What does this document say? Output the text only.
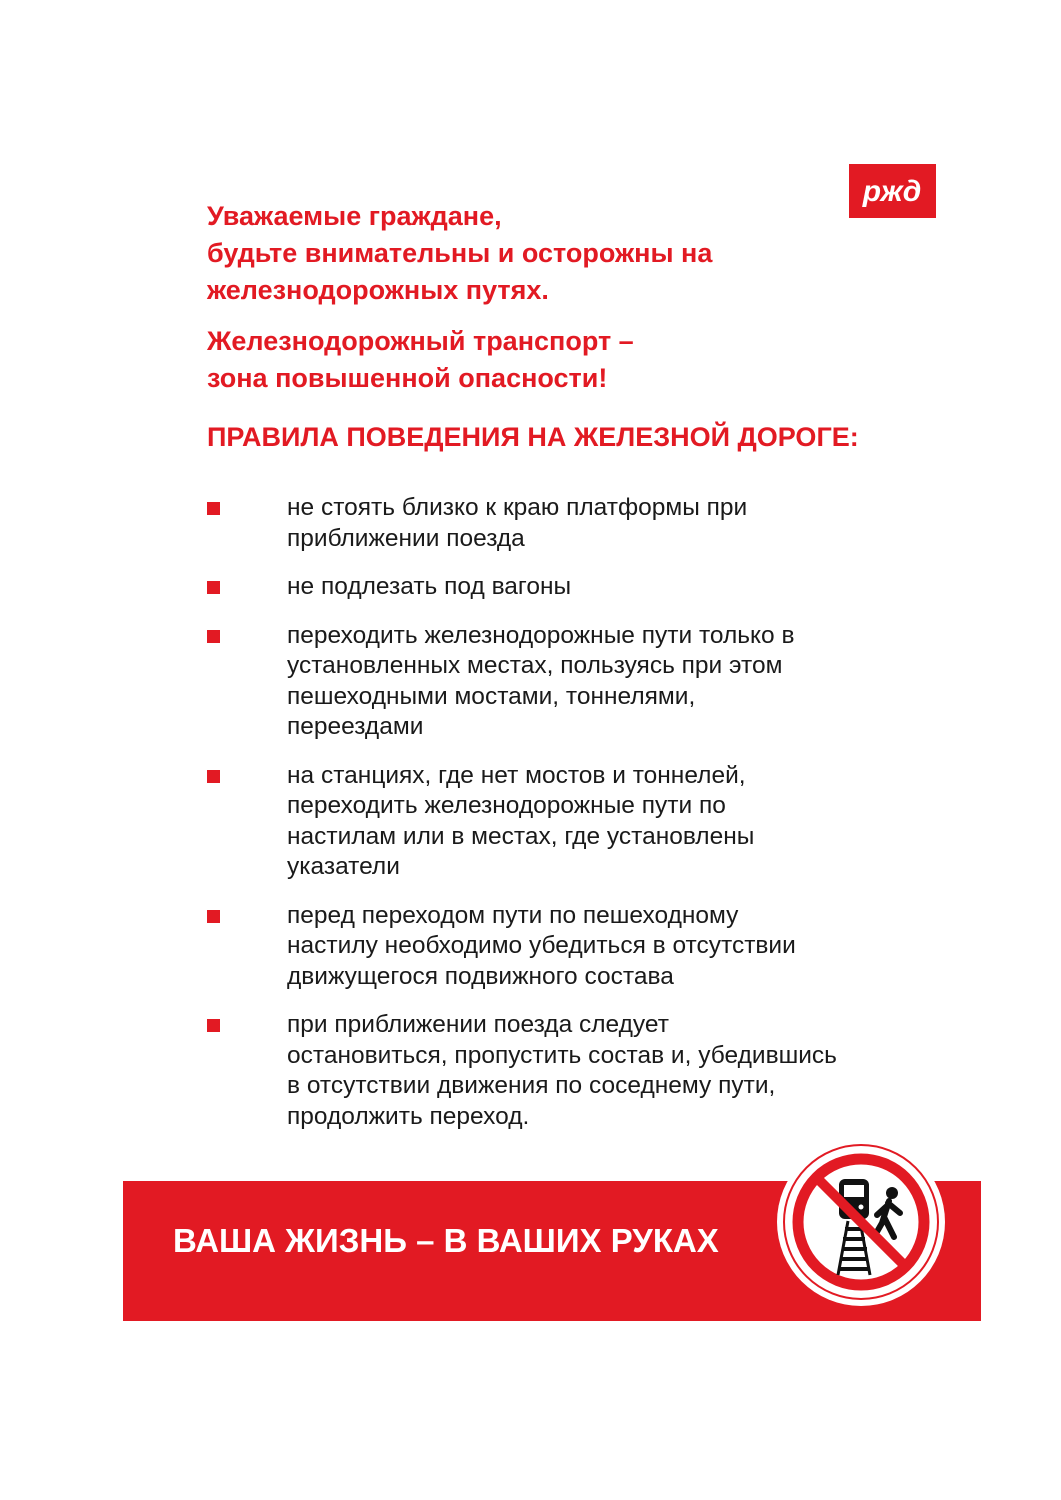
ржд

Уважаемые граждане,
будьте внимательны и осторожны на
железнодорожных путях.

Железнодорожный транспорт –
зона повышенной опасности!

ПРАВИЛА ПОВЕДЕНИЯ НА ЖЕЛЕЗНОЙ ДОРОГЕ:
не стоять близко к краю платформы при
приближении поезда
не подлезать под вагоны
переходить железнодорожные пути только в
установленных местах, пользуясь при этом
пешеходными мостами, тоннелями,
переездами
на станциях, где нет мостов и тоннелей,
переходить железнодорожные пути по
настилам или в местах, где установлены
указатели
перед переходом пути по пешеходному
настилу необходимо убедиться в отсутствии
движущегося подвижного состава
при приближении поезда следует
остановиться, пропустить состав и, убедившись
в отсутствии движения по соседнему пути,
продолжить переход.

ВАША ЖИЗНЬ – В ВАШИХ РУКАХ
